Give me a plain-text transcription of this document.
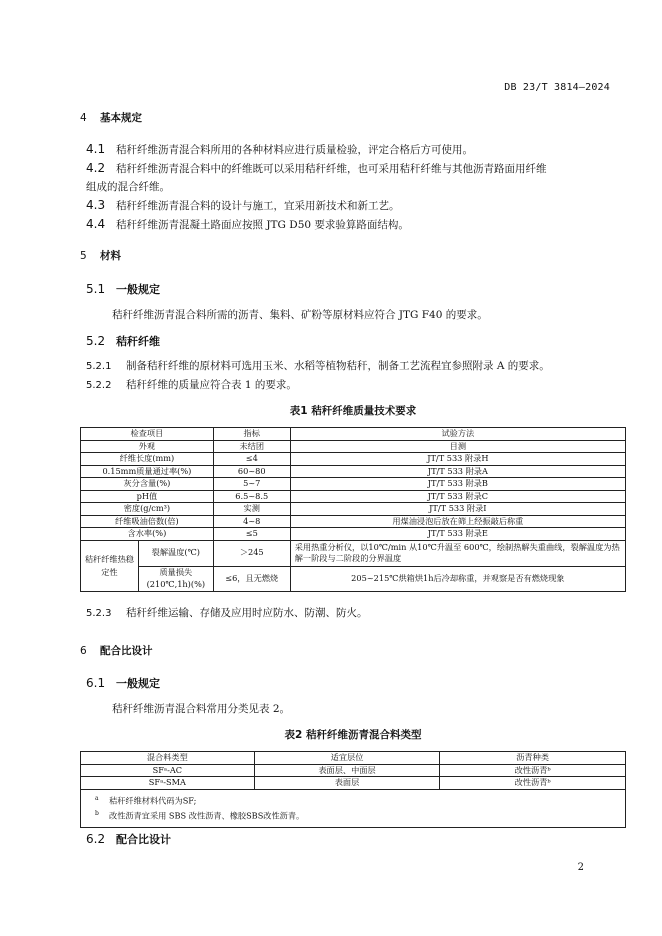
DB 23/T 3814—2024
4 基本规定
4.1 秸秆纤维沥青混合料所用的各种材料应进行质量检验，评定合格后方可使用。
4.2 秸秆纤维沥青混合料中的纤维既可以采用秸秆纤维，也可采用秸秆纤维与其他沥青路面用纤维
组成的混合纤维。
4.3 秸秆纤维沥青混合料的设计与施工，宜采用新技术和新工艺。
4.4 秸秆纤维沥青混凝土路面应按照 JTG D50 要求验算路面结构。
5 材料
5.1 一般规定
秸秆纤维沥青混合料所需的沥青、集料、矿粉等原材料应符合 JTG F40 的要求。
5.2 秸秆纤维
5.2.1 制备秸秆纤维的原材料可选用玉米、水稻等植物秸秆，制备工艺流程宜参照附录 A 的要求。
5.2.2 秸秆纤维的质量应符合表 1 的要求。
表1 秸秆纤维质量技术要求
检查项目		指标	试验方法
外观		未结团	目测
纤维长度(mm)		≤4	JT/T 533 附录H
0.15mm质量通过率(%)		60~80	JT/T 533 附录A
灰分含量(%)		5~7	JT/T 533 附录B
pH值		6.5~8.5	JT/T 533 附录C
密度(g/cm³)		实测	JT/T 533 附录I
纤维吸油倍数(倍)		4~8	用煤油浸泡后放在筛上经振敲后称重
含水率(%)		≤5	JT/T 533 附录E
秸秆纤维热稳定性	裂解温度(℃)	＞245	采用热重分析仪，以10℃/min 从10℃升温至 600℃，绘制热解失重曲线，裂解温度为热解一阶段与二阶段的分界温度
	质量损失(210℃,1h)(%)	≤6，且无燃烧	205~215℃烘箱烘1h后冷却称重，并观察是否有燃烧现象
5.2.3 秸秆纤维运输、存储及应用时应防水、防潮、防火。
6 配合比设计
6.1 一般规定
秸秆纤维沥青混合料常用分类见表 2。
表2 秸秆纤维沥青混合料类型
混合料类型	适宜层位	沥青种类
SFᵃ-AC	表面层、中面层	改性沥青ᵇ
SFᵃ-SMA	表面层	改性沥青ᵇ

$^a$ 秸秆纤维材料代码为SF;
$^b$ 改性沥青宜采用 SBS 改性沥青、橡胶SBS改性沥青。		
6.2 配合比设计
2
